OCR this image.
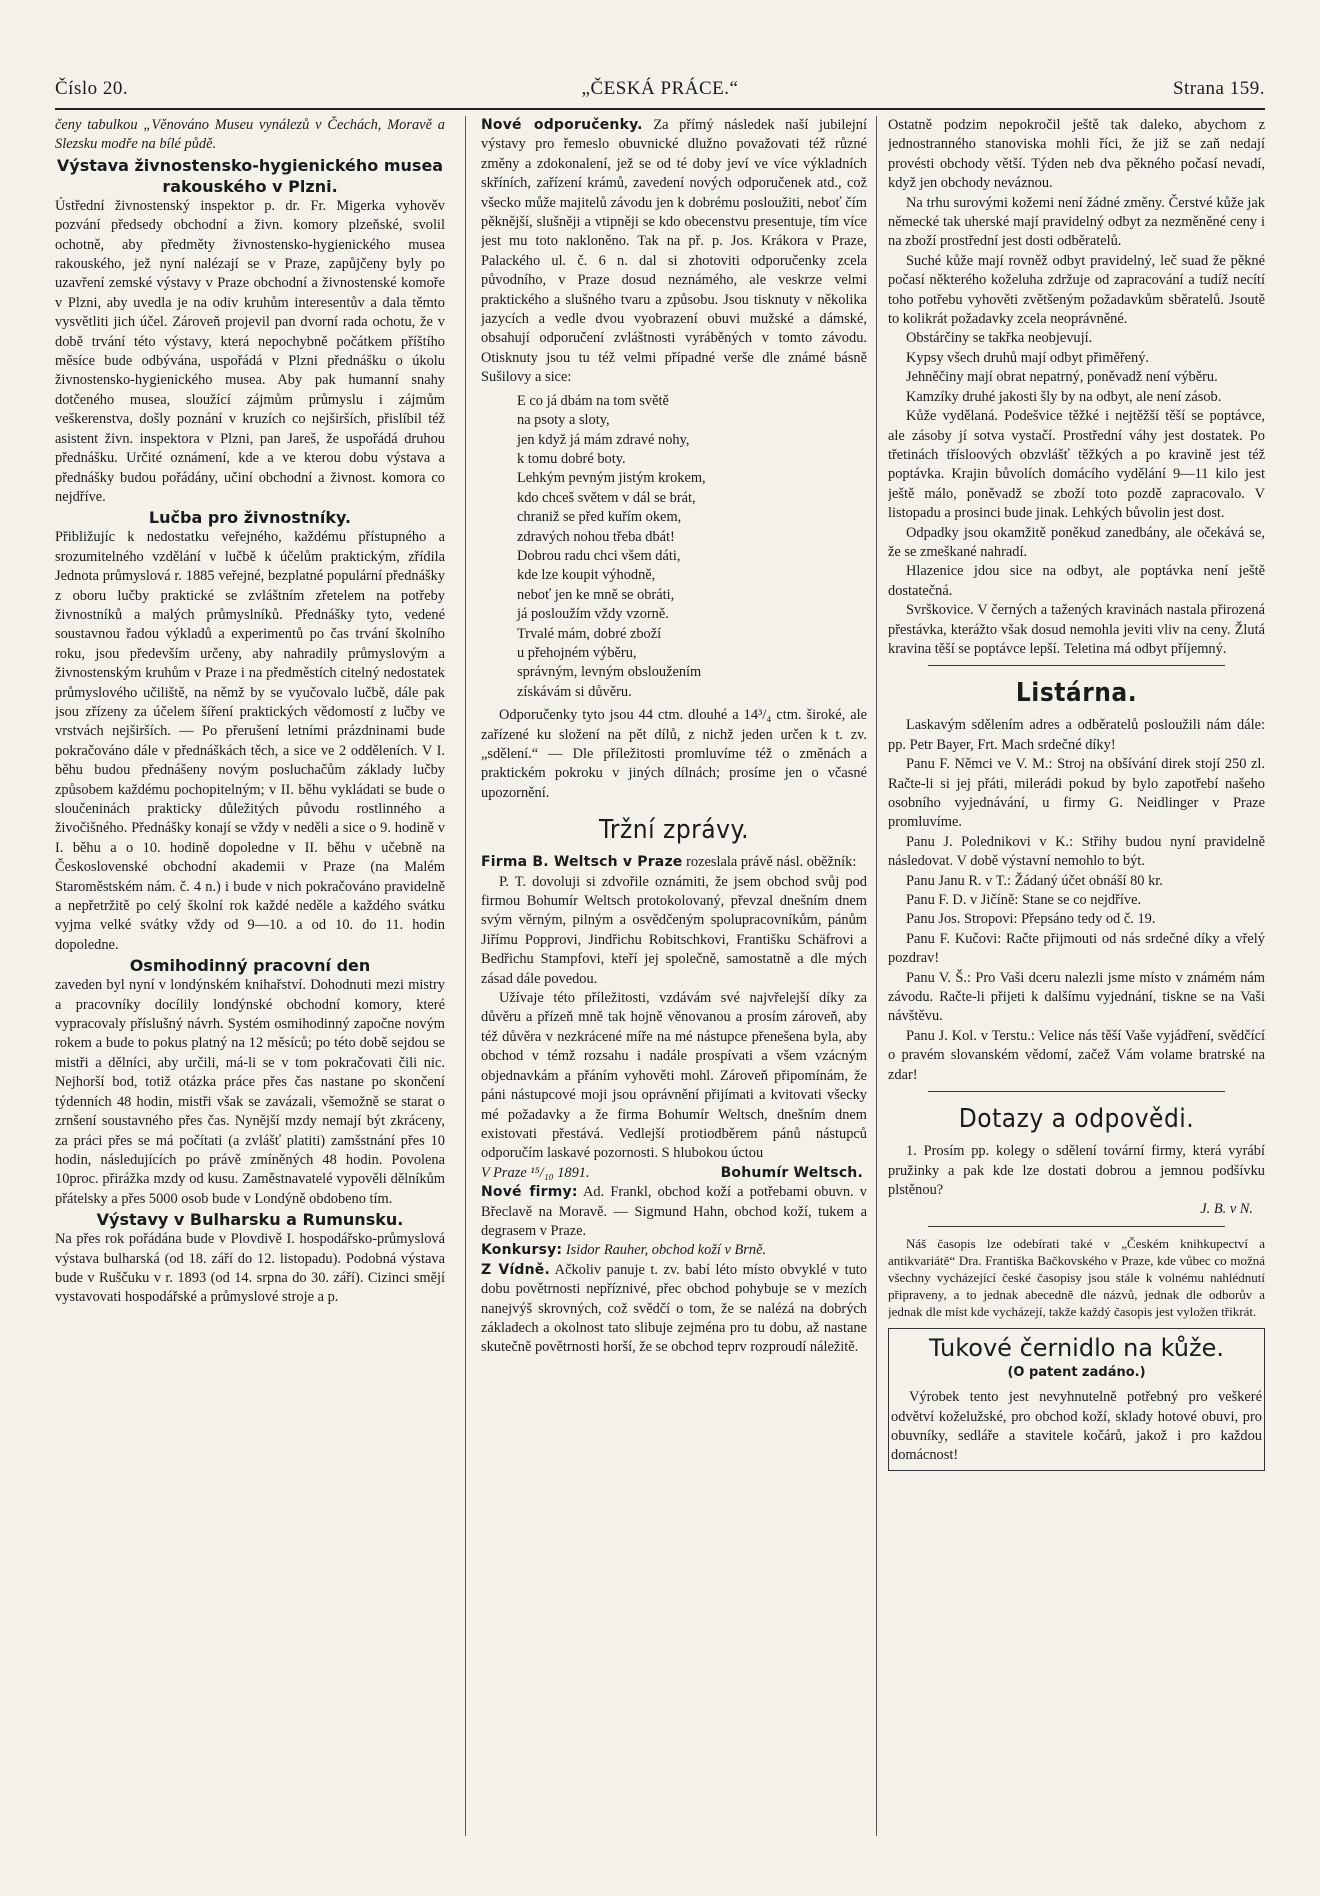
Číslo 20.	„ČESKÁ PRÁCE.“	Strana 159.

čeny tabulkou „Věnováno Museu vynálezů v Čechách, Moravě a Slezsku modře na bílé půdě.

Výstava živnostensko-hygienického musea rakouského v Plzni.

Ústřední živnostenský inspektor p. dr. Fr. Migerka vyhověv pozvání předsedy obchodní a živn. komory plzeňské, svolil ochotně, aby předměty živnostensko-hygienického musea rakouského, jež nyní nalézají se v Praze, zapůjčeny byly po uzavření zemské výstavy v Praze obchodní a živnostenské komoře v Plzni, aby uvedla je na odiv kruhům interesentův a dala těmto vysvětliti jich účel. Zároveň projevil pan dvorní rada ochotu, že v době trvání této výstavy, která nepochybně počátkem příštího měsíce bude odbývána, uspořádá v Plzni přednášku o úkolu živnostensko-hygienického musea. Aby pak humanní snahy dotčeného musea, sloužící zájmům průmyslu i zájmům veškerenstva, došly poznání v kruzích co nejširších, přislíbil též asistent živn. inspektora v Plzni, pan Jareš, že uspořádá druhou přednášku. Určité oznámení, kde a ve kterou dobu výstava a přednášky budou pořádány, učiní obchodní a živnost. komora co nejdříve.

Lučba pro živnostníky.

Přibližujíc k nedostatku veřejného, každému přístupného a srozumitelného vzdělání v lučbě k účelům praktickým, zřídila Jednota průmyslová r. 1885 veřejné, bezplatné populární přednášky z oboru lučby praktické se zvláštním zřetelem na potřeby živnostníků a malých průmyslníků. Přednášky tyto, vedené soustavnou řadou výkladů a experimentů po čas trvání školního roku, jsou především určeny, aby nahradily průmyslovým a živnostenským kruhům v Praze i na předměstích citelný nedostatek průmyslového učiliště, na němž by se vyučovalo lučbě, dále pak jsou zřízeny za účelem šíření praktických vědomostí z lučby ve vrstvách nejširších. — Po přerušení letními prázdninami bude pokračováno dále v přednáškách těch, a sice ve 2 odděleních. V I. běhu budou přednášeny novým posluchačům základy lučby způsobem každému pochopitelným; v II. běhu vykládati se bude o sloučeninách prakticky důležitých původu rostlinného a živočišného. Přednášky konají se vždy v neděli a sice o 9. hodině v I. běhu a o 10. hodině dopoledne v II. běhu v učebně na Československé obchodní akademii v Praze (na Malém Staroměstském nám. č. 4 n.) i bude v nich pokračováno pravidelně a nepřetržitě po celý školní rok každé neděle a každého svátku vyjma velké svátky vždy od 9—10. a od 10. do 11. hodin dopoledne.

Osmihodinný pracovní den

zaveden byl nyní v londýnském knihařství. Dohodnuti mezi mistry a pracovníky docílily londýnské obchodní komory, které vypracovaly příslušný návrh. Systém osmihodinný započne novým rokem a bude to pokus platný na 12 měsíců; po této době sejdou se mistři a dělníci, aby určili, má-li se v tom pokračovati čili nic. Nejhorší bod, totiž otázka práce přes čas nastane po skončení týdenních 48 hodin, mistři však se zavázali, všemožně se starat o zrnšení soustavného přes čas. Nynější mzdy nemají být zkráceny, za práci přes se má počítati (a zvlášť platiti) zamšstnání přes 10 hodin, následujících po právě zmíněných 48 hodin. Povolena 10proc. přirážka mzdy od kusu. Zaměstnavatelé vypověli dělníkům přátelsky a přes 5000 osob bude v Londýně obdobeno tím.

Výstavy v Bulharsku a Rumunsku.

Na přes rok pořádána bude v Plovdivě I. hospodářsko-průmyslová výstava bulharská (od 18. září do 12. listopadu). Podobná výstava bude v Ruščuku v r. 1893 (od 14. srpna do 30. září). Cizinci smějí vystavovati hospodářské a průmyslové stroje a p.

Nové odporučenky. Za přímý následek naší jubilejní výstavy pro řemeslo obuvnické dlužno považovati též různé změny a zdokonalení, jež se od té doby jeví ve více výkladních skříních, zařízení krámů, zavedení nových odporučenek atd., což všecko může majitelů závodu jen k dobrému posloužiti, neboť čím pěknější, slušněji a vtipněji se kdo obecenstvu presentuje, tím více jest mu toto nakloněno. Tak na př. p. Jos. Krákora v Praze, Palackého ul. č. 6 n. dal si zhotoviti odporučenky zcela původního, v Praze dosud neznámého, ale veskrze velmi praktického a slušného tvaru a způsobu. Jsou tisknuty v několika jazycích a vedle dvou vyobrazení obuvi mužské a dámské, obsahují odporučení zvláštnosti vyráběných v tomto závodu. Otisknuty jsou tu též velmi případné verše dle známé básně Sušilovy a sice:

E co já dbám na tom světě
na psoty a sloty,
jen když já mám zdravé nohy,
k tomu dobré boty.
Lehkým pevným jistým krokem,
kdo chceš světem v dál se brát,
chraniž se před kuřím okem,
zdravých nohou třeba dbát!
Dobrou radu chci všem dáti,
kde lze koupit výhodně,
neboť jen ke mně se obráti,
já posloužím vždy vzorně.
Trvalé mám, dobré zboží
u přehojném výběru,
správným, levným obsloužením
získávám si důvěru.

Odporučenky tyto jsou 44 ctm. dlouhé a 14³/₄ ctm. široké, ale zařízené ku složení na pět dílů, z nichž jeden určen k t. zv. „sdělení.“ — Dle příležitosti promluvíme též o změnách a praktickém pokroku v jiných dílnách; prosíme jen o včasné upozornění.

Tržní zprávy.

Firma B. Weltsch v Praze rozeslala právě násl. oběžník:

P. T. dovoluji si zdvořile oznámiti, že jsem obchod svůj pod firmou Bohumír Weltsch protokolovaný, převzal dnešním dnem svým věrným, pilným a osvědčeným spolupracovníkům, pánům Jiřímu Popprovi, Jindřichu Robitschkovi, Františku Schäfrovi a Bedřichu Stampfovi, kteří jej společně, samostatně a dle mých zásad dále povedou.

Užívaje této příležitosti, vzdávám své najvřelejší díky za důvěru a přízeň mně tak hojně věnovanou a prosím zároveň, aby též důvěra v nezkrácené míře na mé nástupce přenešena byla, aby obchod v témž rozsahu i nadále prospívati a všem vzácným objednavkám a přáním vyhověti mohl. Zároveň připomínám, že páni nástupcové moji jsou oprávnění přijímati a kvitovati všecky mé požadavky a že firma Bohumír Weltsch, dnešním dnem existovati přestává. Vedlejší protiodběrem pánů nástupců odporučím laskavé pozornosti. S hlubokou úctou

V Praze ¹⁵/₁₀ 1891.	Bohumír Weltsch.

Nové firmy: Ad. Frankl, obchod koží a potřebami obuvn. v Břeclavě na Moravě. — Sigmund Hahn, obchod koží, tukem a degrasem v Praze.

Konkursy: Isidor Rauher, obchod koží v Brně.

Z Vídně. Ačkoliv panuje t. zv. babí léto místo obvyklé v tuto dobu povětrnosti nepříznivé, přec obchod pohybuje se v mezích nanejvýš skrovných, což svědčí o tom, že se nalézá na dobrých základech a okolnost tato slibuje zejména pro tu dobu, až nastane skutečně povětrnosti horší, že se obchod teprv rozproudí náležitě.

Ostatně podzim nepokročil ještě tak daleko, abychom z jednostranného stanoviska mohli říci, že již se zaň nedají provésti obchody větší. Týden neb dva pěkného počasí nevadí, když jen obchody neváznou.

Na trhu surovými kožemi není žádné změny. Čerstvé kůže jak německé tak uherské mají pravidelný odbyt za nezměněné ceny i na zboží prostřední jest dosti odběratelů.

Suché kůže mají rovněž odbyt pravidelný, leč suad že pěkné počasí některého koželuha zdržuje od zapracování a tudíž necítí toho potřebu vyhověti zvětšeným požadavkům sběratelů. Jsoutě to kolikrát požadavky zcela neoprávněné.

Obstárčiny se takřka neobjevují.

Kypsy všech druhů mají odbyt přiměřený.

Jehněčiny mají obrat nepatrný, poněvadž není výběru.

Kamzíky druhé jakosti šly by na odbyt, ale není zásob.

Kůže vydělaná. Podešvice těžké i nejtěžší těší se poptávce, ale zásoby jí sotva vystačí. Prostřední váhy jest dostatek. Po třetinách třísloových obzvlášť těžkých a po kravině jest též poptávka. Krajin bůvolích domácího vydělání 9—11 kilo jest ještě málo, poněvadž se zboží toto pozdě zapracovalo. V listopadu a prosinci bude jinak. Lehkých bůvolin jest dost.

Odpadky jsou okamžitě poněkud zanedbány, ale očekává se, že se zmeškané nahradí.

Hlazenice jdou sice na odbyt, ale poptávka není ještě dostatečná.

Svrškovice. V černých a tažených kravinách nastala přirozená přestávka, kterážto však dosud nemohla jeviti vliv na ceny. Žlutá kravina těší se poptávce lepší. Teletina má odbyt příjemný.

Listárna.

Laskavým sdělením adres a odběratelů posloužili nám dále: pp. Petr Bayer, Frt. Mach srdečné díky!

Panu F. Němci ve V. M.: Stroj na obšívání direk stojí 250 zl. Račte-li si jej přáti, milerádi pokud by bylo zapotřebí našeho osobního vyjednávání, u firmy G. Neidlinger v Praze promluvíme.

Panu J. Polednikovi v K.: Střihy budou nyní pravidelně následovat. V době výstavní nemohlo to být.

Panu Janu R. v T.: Žádaný účet obnáší 80 kr.

Panu F. D. v Jičíně: Stane se co nejdříve.

Panu Jos. Stropovi: Přepsáno tedy od č. 19.

Panu F. Kučovi: Račte přijmouti od nás srdečné díky a vřelý pozdrav!

Panu V. Š.: Pro Vaši dceru nalezli jsme místo v známém nám závodu. Račte-li přijeti k dalšímu vyjednání, tiskne se na Vaši návštěvu.

Panu J. Kol. v Terstu.: Velice nás těší Vaše vyjádření, svědčící o pravém slovanském vědomí, začež Vám volame bratrské na zdar!

Dotazy a odpovědi.

1. Prosím pp. kolegy o sdělení tovární firmy, která vyrábí pružinky a pak kde lze dostati dobrou a jemnou podšívku plstěnou?

J. B. v N.

Náš časopis lze odebírati také v „Českém knihkupectví a antikvariátě“ Dra. Františka Bačkovského v Praze, kde vůbec co možná všechny vycházející české časopisy jsou stále k volnému nahlédnutí připraveny, a to jednak abecedně dle názvů, jednak dle odborův a jednak dle míst kde vycházejí, takže každý časopis jest vyložen třikrát.

Tukové černidlo na kůže.
(O patent zadáno.)

Výrobek tento jest nevyhnutelně potřebný pro veškeré odvětví koželužské, pro obchod koží, sklady hotové obuvi, pro obuvníky, sedláře a stavitele kočárů, jakož i pro každou domácnost!
